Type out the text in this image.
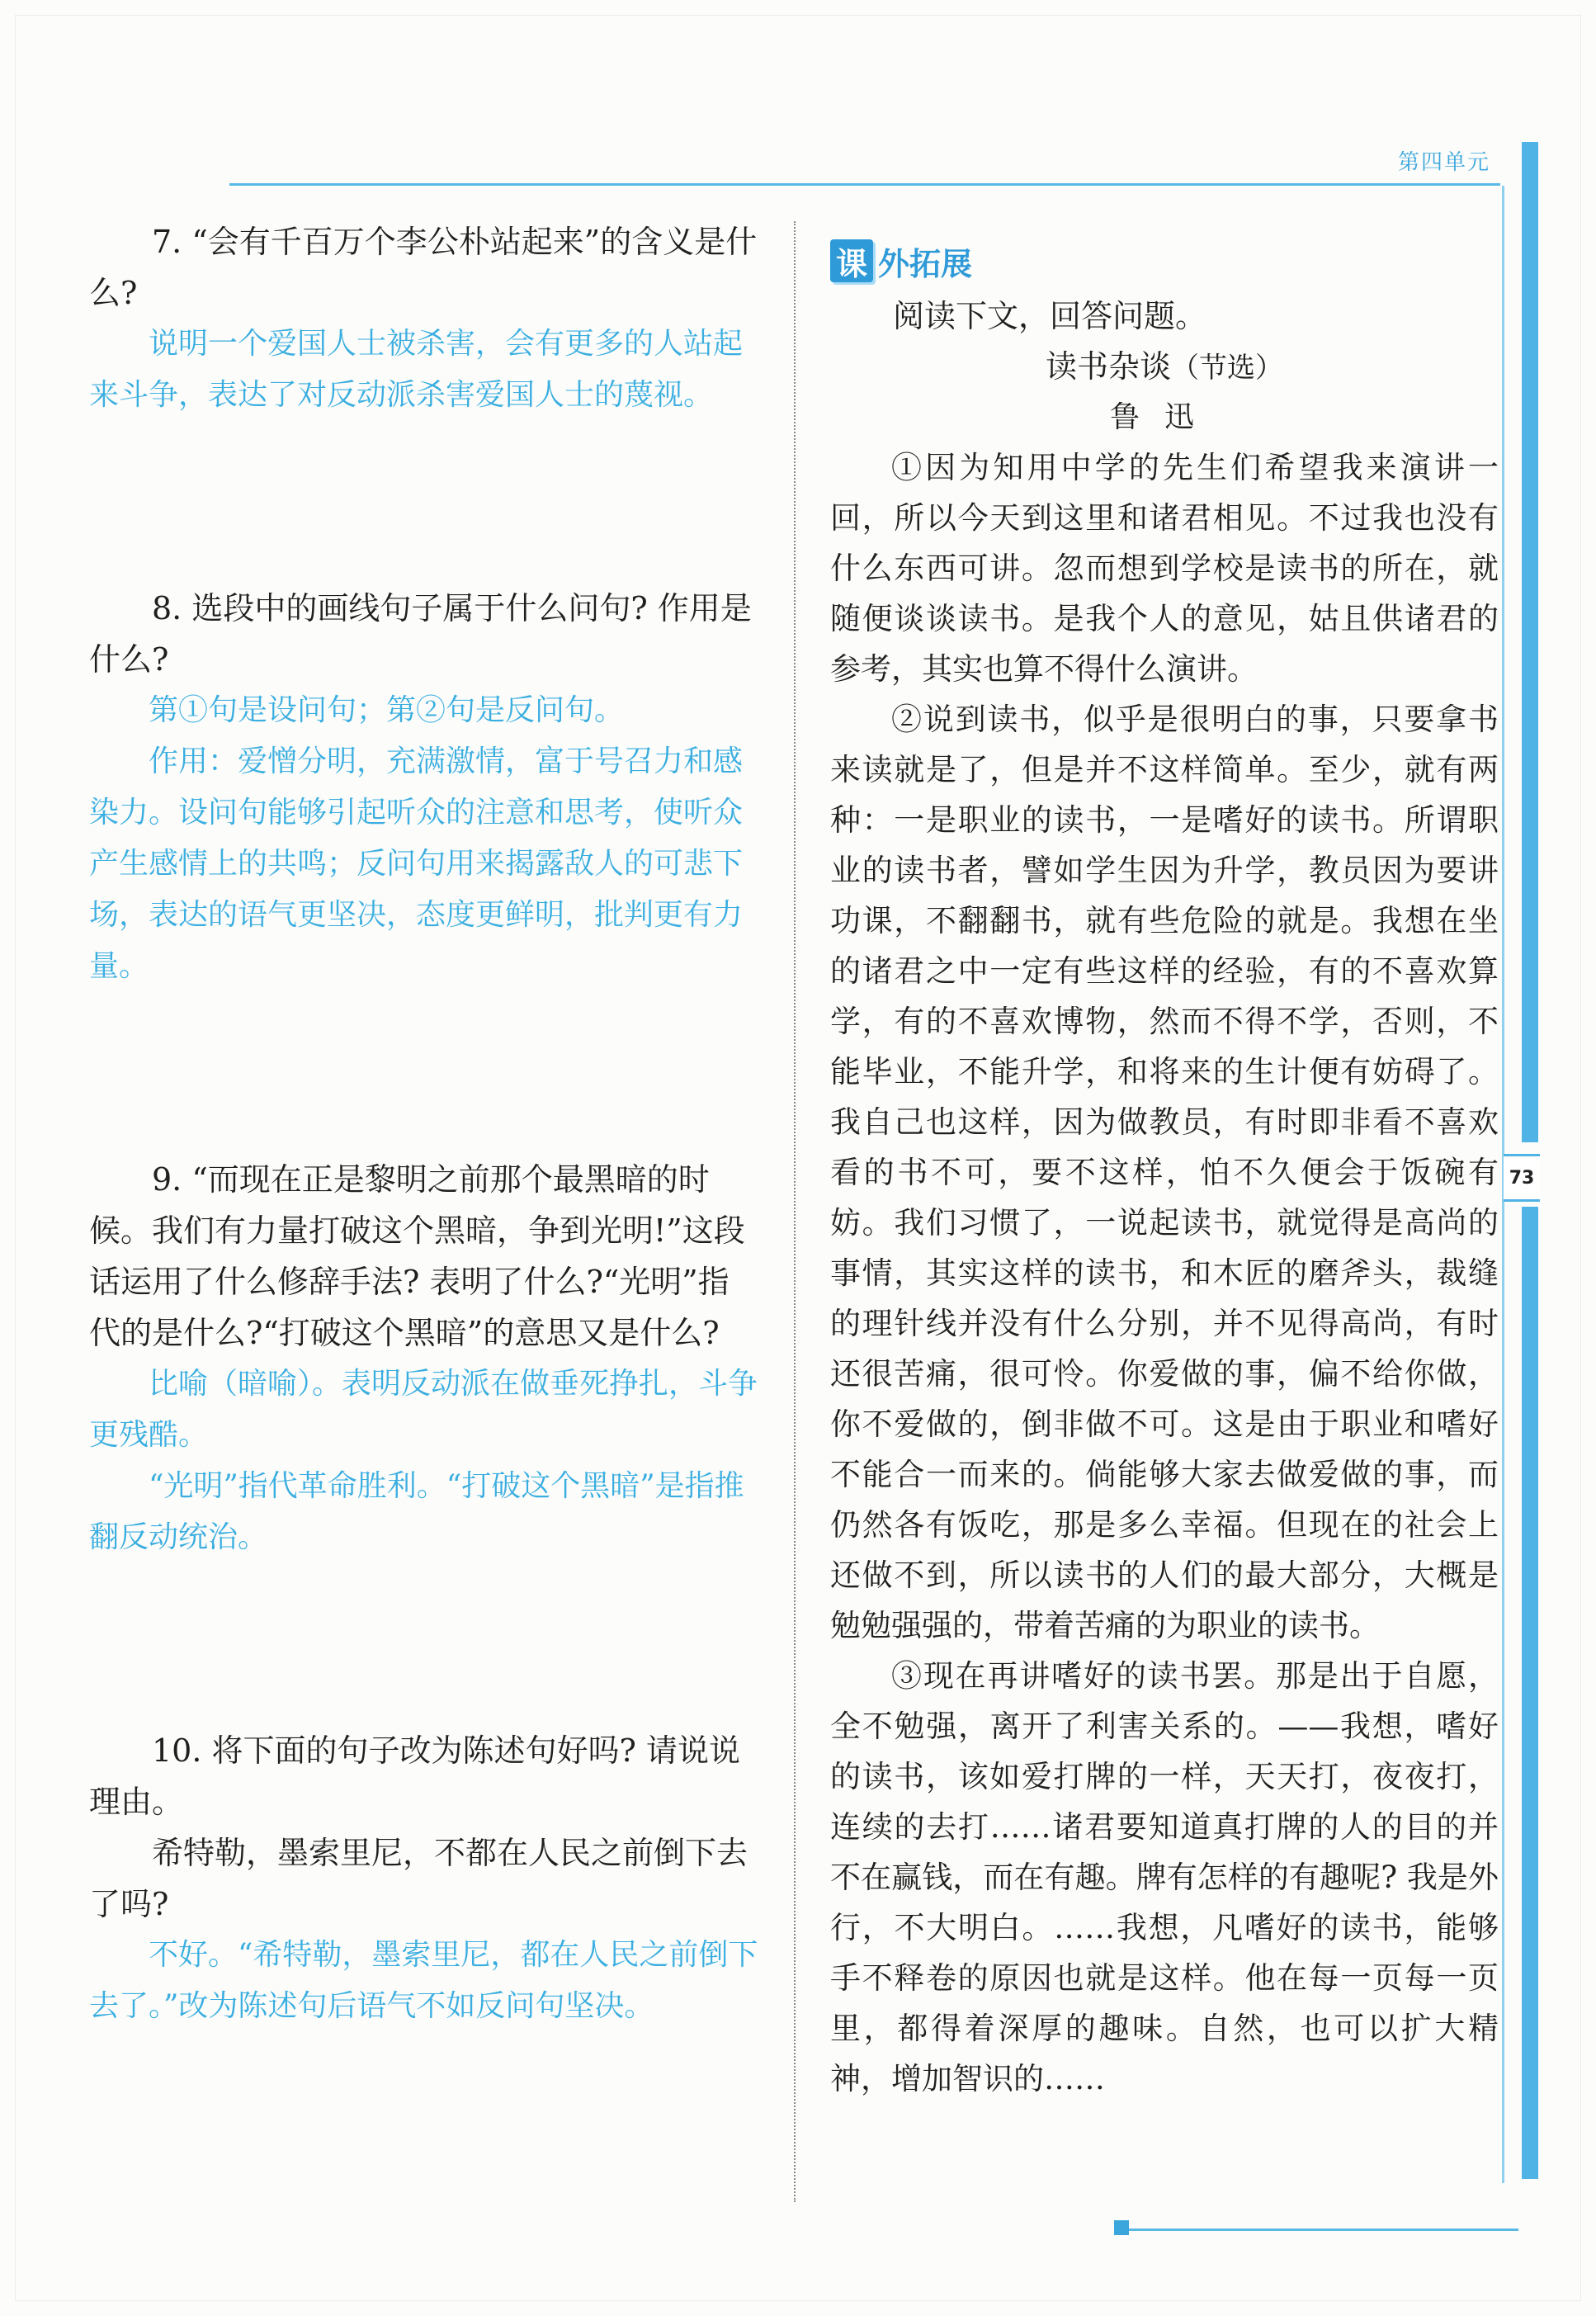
第四单元
73

7. “会有千百万个李公朴站起来”的含义是什么?

说明一个爱国人士被杀害，会有更多的人站起来斗争，表达了对反动派杀害爱国人士的蔑视。

8. 选段中的画线句子属于什么问句? 作用是什么?

第①句是设问句；第②句是反问句。

作用：爱憎分明，充满激情，富于号召力和感染力。设问句能够引起听众的注意和思考，使听众产生感情上的共鸣；反问句用来揭露敌人的可悲下场，表达的语气更坚决，态度更鲜明，批判更有力量。

9. “而现在正是黎明之前那个最黑暗的时候。我们有力量打破这个黑暗，争到光明!”这段话运用了什么修辞手法? 表明了什么?“光明”指代的是什么?“打破这个黑暗”的意思又是什么?

比喻（暗喻）。表明反动派在做垂死挣扎，斗争更残酷。

“光明”指代革命胜利。“打破这个黑暗”是指推翻反动统治。

10. 将下面的句子改为陈述句好吗? 请说说理由。

希特勒，墨索里尼，不都在人民之前倒下去了吗?

不好。“希特勒，墨索里尼，都在人民之前倒下去了。”改为陈述句后语气不如反问句坚决。

课 外拓展

阅读下文，回答问题。

读书杂谈（节选）

鲁迅

①因为知用中学的先生们希望我来演讲一回，所以今天到这里和诸君相见。不过我也没有什么东西可讲。忽而想到学校是读书的所在，就随便谈谈读书。是我个人的意见，姑且供诸君的参考，其实也算不得什么演讲。

②说到读书，似乎是很明白的事，只要拿书来读就是了，但是并不这样简单。至少，就有两种：一是职业的读书，一是嗜好的读书。所谓职业的读书者，譬如学生因为升学，教员因为要讲功课，不翻翻书，就有些危险的就是。我想在坐的诸君之中一定有些这样的经验，有的不喜欢算学，有的不喜欢博物，然而不得不学，否则，不能毕业，不能升学，和将来的生计便有妨碍了。我自己也这样，因为做教员，有时即非看不喜欢看的书不可，要不这样，怕不久便会于饭碗有妨。我们习惯了，一说起读书，就觉得是高尚的事情，其实这样的读书，和木匠的磨斧头，裁缝的理针线并没有什么分别，并不见得高尚，有时还很苦痛，很可怜。你爱做的事，偏不给你做，你不爱做的，倒非做不可。这是由于职业和嗜好不能合一而来的。倘能够大家去做爱做的事，而仍然各有饭吃，那是多么幸福。但现在的社会上还做不到，所以读书的人们的最大部分，大概是勉勉强强的，带着苦痛的为职业的读书。

③现在再讲嗜好的读书罢。那是出于自愿，全不勉强，离开了利害关系的。——我想，嗜好的读书，该如爱打牌的一样，天天打，夜夜打，连续的去打……诸君要知道真打牌的人的目的并不在赢钱，而在有趣。牌有怎样的有趣呢? 我是外行，不大明白。……我想，凡嗜好的读书，能够手不释卷的原因也就是这样。他在每一页每一页里，都得着深厚的趣味。自然，也可以扩大精神，增加智识的……
